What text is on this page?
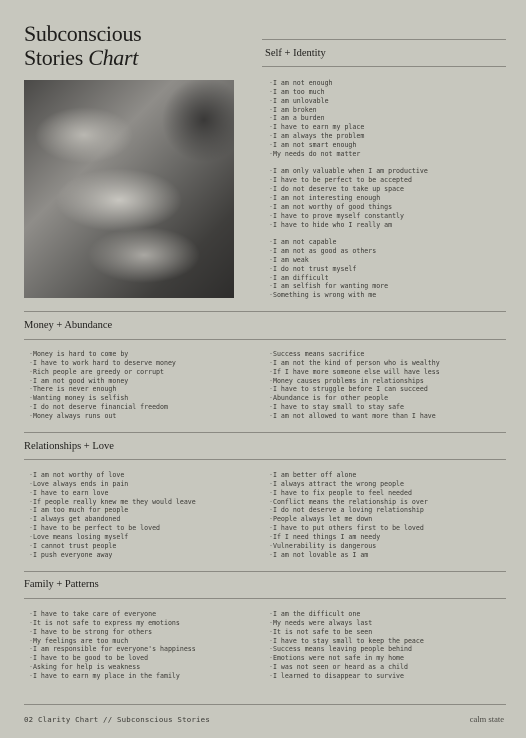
Subconscious
Stories Chart	Self + Identity
· I am not enough
· I am too much
· I am unlovable
· I am broken
· I am a burden
· I have to earn my place
· I am always the problem
· I am not smart enough
· My needs do not matter
· I am only valuable when I am productive
· I have to be perfect to be accepted
· I do not deserve to take up space
· I am not interesting enough
· I am not worthy of good things
· I have to prove myself constantly
· I have to hide who I really am
· I am not capable
· I am not as good as others
· I am weak
· I do not trust myself
· I am difficult
· I am selfish for wanting more
· Something is wrong with me
Money + Abundance
· Money is hard to come by
· I have to work hard to deserve money
· Rich people are greedy or corrupt
· I am not good with money
· There is never enough
· Wanting money is selfish
· I do not deserve financial freedom
· Money always runs out
· Success means sacrifice
· I am not the kind of person who is wealthy
· If I have more someone else will have less
· Money causes problems in relationships
· I have to struggle before I can succeed
· Abundance is for other people
· I have to stay small to stay safe
· I am not allowed to want more than I have
Relationships + Love
· I am not worthy of love
· Love always ends in pain
· I have to earn love
· If people really knew me they would leave
· I am too much for people
· I always get abandoned
· I have to be perfect to be loved
· Love means losing myself
· I cannot trust people
· I push everyone away
· I am better off alone
· I always attract the wrong people
· I have to fix people to feel needed
· Conflict means the relationship is over
· I do not deserve a loving relationship
· People always let me down
· I have to put others first to be loved
· If I need things I am needy
· Vulnerability is dangerous
· I am not lovable as I am
Family + Patterns
· I have to take care of everyone
· It is not safe to express my emotions
· I have to be strong for others
· My feelings are too much
· I am responsible for everyone's happiness
· I have to be good to be loved
· Asking for help is weakness
· I have to earn my place in the family
· I am the difficult one
· My needs were always last
· It is not safe to be seen
· I have to stay small to keep the peace
· Success means leaving people behind
· Emotions were not safe in my home
· I was not seen or heard as a child
· I learned to disappear to survive
02 Clarity Chart // Subconscious Stories	calm state
